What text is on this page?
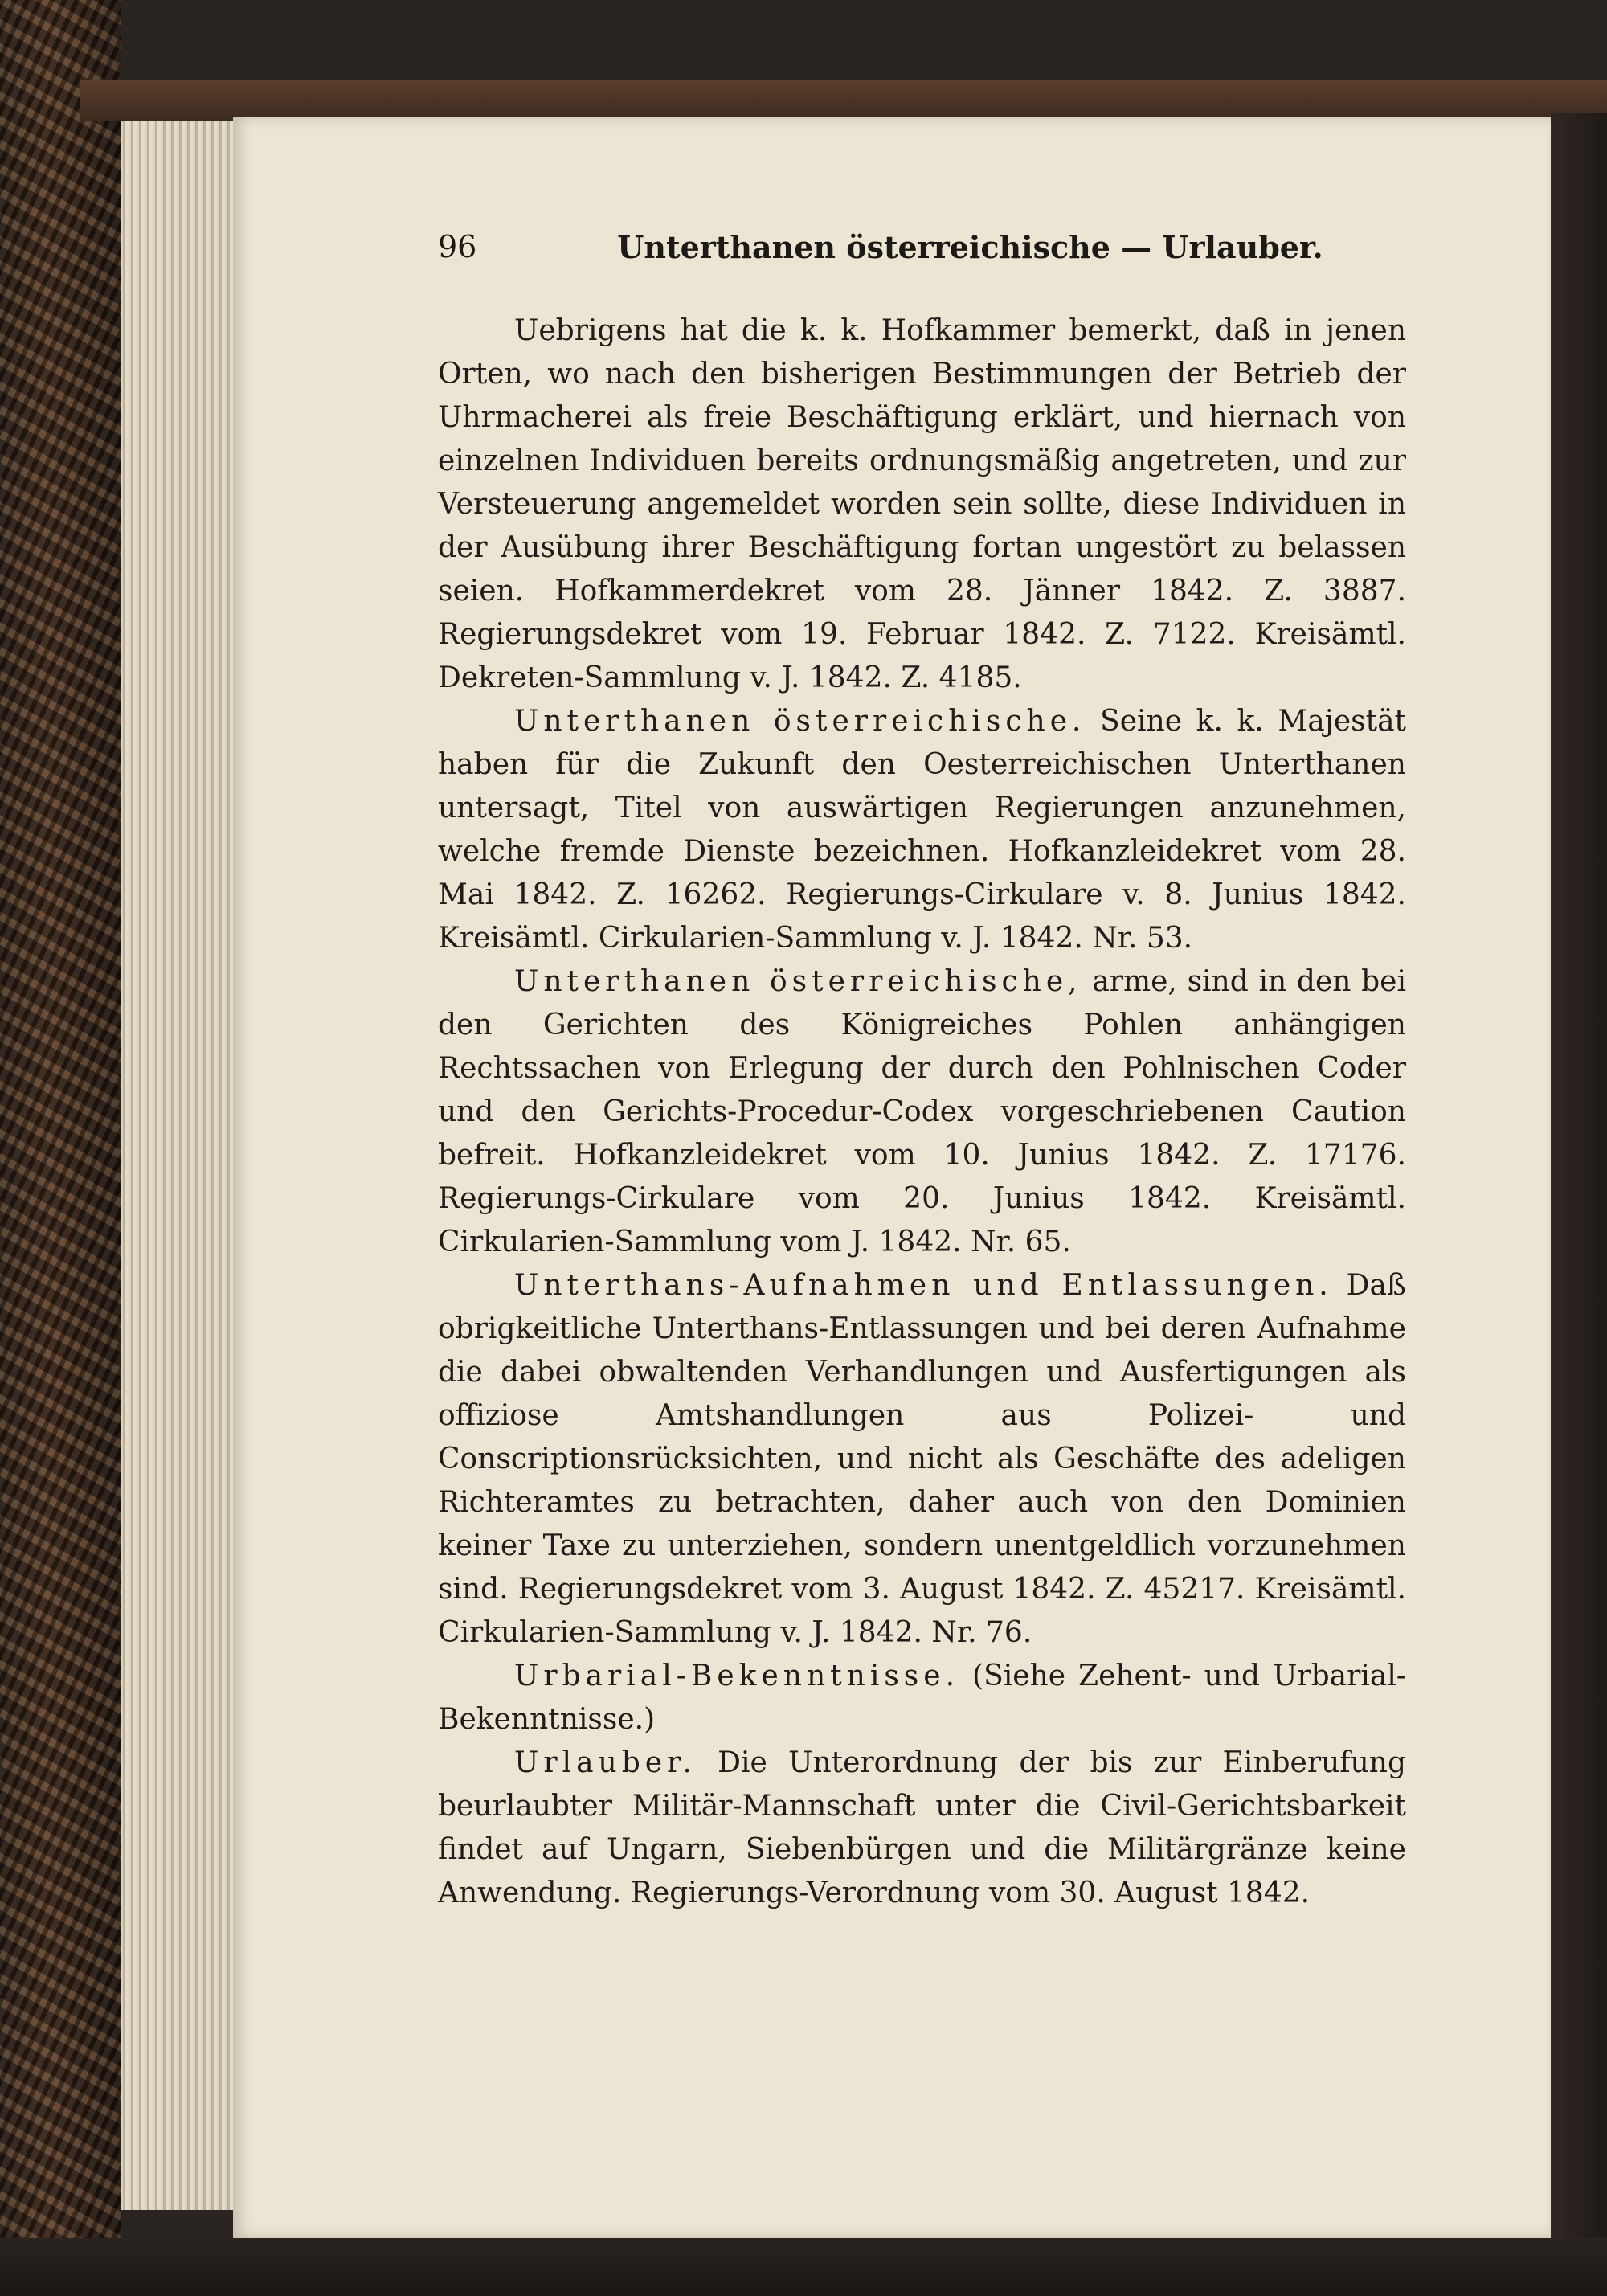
96	Unterthanen österreichische — Urlauber.

Uebrigens hat die k. k. Hofkammer bemerkt, daß in jenen Orten, wo nach den bisherigen Bestimmungen der Betrieb der Uhrmacherei als freie Beschäftigung erklärt, und hiernach von einzelnen Individuen bereits ordnungsmäßig angetreten, und zur Versteuerung angemeldet worden sein sollte, diese Individuen in der Ausübung ihrer Beschäftigung fortan ungestört zu belassen seien. Hofkammerdekret vom 28. Jänner 1842. Z. 3887. Regierungsdekret vom 19. Februar 1842. Z. 7122. Kreisämtl. Dekreten-Sammlung v. J. 1842. Z. 4185.

Unterthanen österreichische. Seine k. k. Majestät haben für die Zukunft den Oesterreichischen Unterthanen untersagt, Titel von auswärtigen Regierungen anzunehmen, welche fremde Dienste bezeichnen. Hofkanzleidekret vom 28. Mai 1842. Z. 16262. Regierungs-Cirkulare v. 8. Junius 1842. Kreisämtl. Cirkularien-Sammlung v. J. 1842. Nr. 53.

Unterthanen österreichische, arme, sind in den bei den Gerichten des Königreiches Pohlen anhängigen Rechtssachen von Erlegung der durch den Pohlnischen Coder und den Gerichts-Procedur-Codex vorgeschriebenen Caution befreit. Hofkanzleidekret vom 10. Junius 1842. Z. 17176. Regierungs-Cirkulare vom 20. Junius 1842. Kreisämtl. Cirkularien-Sammlung vom J. 1842. Nr. 65.

Unterthans-Aufnahmen und Entlassungen. Daß obrigkeitliche Unterthans-Entlassungen und bei deren Aufnahme die dabei obwaltenden Verhandlungen und Ausfertigungen als offiziose Amtshandlungen aus Polizei- und Conscriptionsrücksichten, und nicht als Geschäfte des adeligen Richteramtes zu betrachten, daher auch von den Dominien keiner Taxe zu unterziehen, sondern unentgeldlich vorzunehmen sind. Regierungsdekret vom 3. August 1842. Z. 45217. Kreisämtl. Cirkularien-Sammlung v. J. 1842. Nr. 76.

Urbarial-Bekenntnisse. (Siehe Zehent- und Urbarial-Bekenntnisse.)

Urlauber. Die Unterordnung der bis zur Einberufung beurlaubter Militär-Mannschaft unter die Civil-Gerichtsbarkeit findet auf Ungarn, Siebenbürgen und die Militärgränze keine Anwendung. Regierungs-Verordnung vom 30. August 1842.
